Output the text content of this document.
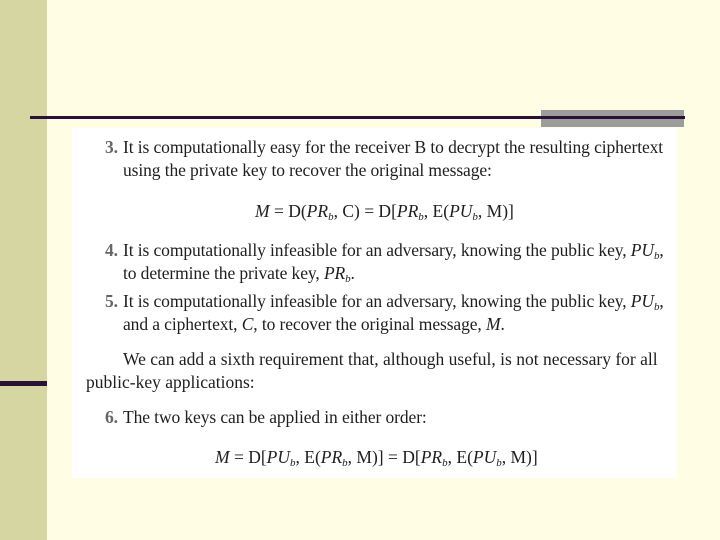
3. It is computationally easy for the receiver B to decrypt the resulting ciphertext using the private key to recover the original message:
$M = D(PR_b$, $C) = D[PR_b$, $E(PU_b$, M)]
4. It is computationally infeasible for an adversary, knowing the public key, $PU_b$, to determine the private key, $PR_b$.
5. It is computationally infeasible for an adversary, knowing the public key, $PU_b$, and a ciphertext, C, to recover the original message, M.
We can add a sixth requirement that, although useful, is not necessary for all public-key applications:
6. The two keys can be applied in either order:
$M = D[PU_b$, $E(PR_b$, $M)] = D[PR_b$, $E(PU_b$, M)]
